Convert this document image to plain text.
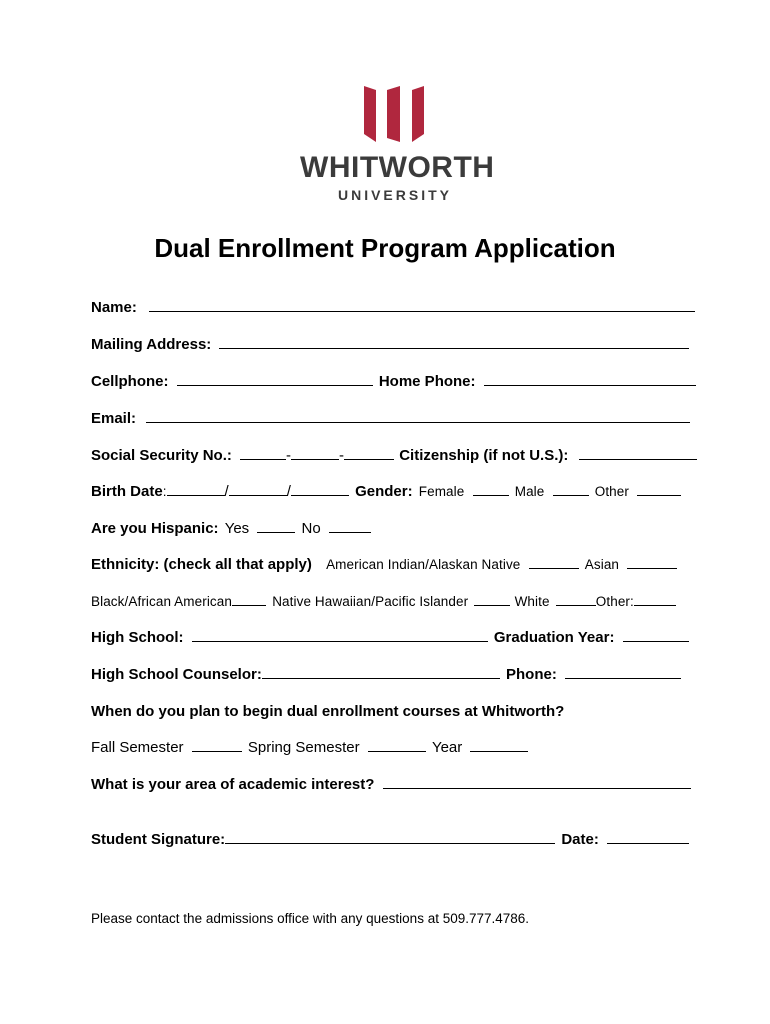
WHITWORTH
UNIVERSITY
Dual Enrollment Program Application
Name:
Mailing Address:
Cellphone:	Home Phone:
Email:
Social Security No.:	-	-	Citizenship (if not U.S.):
Birth Date:	/	/	Gender: Female	Male	Other
Are you Hispanic: Yes	No
Ethnicity: (check all that apply) American Indian/Alaskan Native	Asian
Black/African American	Native Hawaiian/Pacific Islander	White	Other:
High School:	Graduation Year:
High School Counselor:	Phone:
When do you plan to begin dual enrollment courses at Whitworth?
Fall Semester	Spring Semester	Year
What is your area of academic interest?
Student Signature:	Date:
Please contact the admissions office with any questions at 509.777.4786.
